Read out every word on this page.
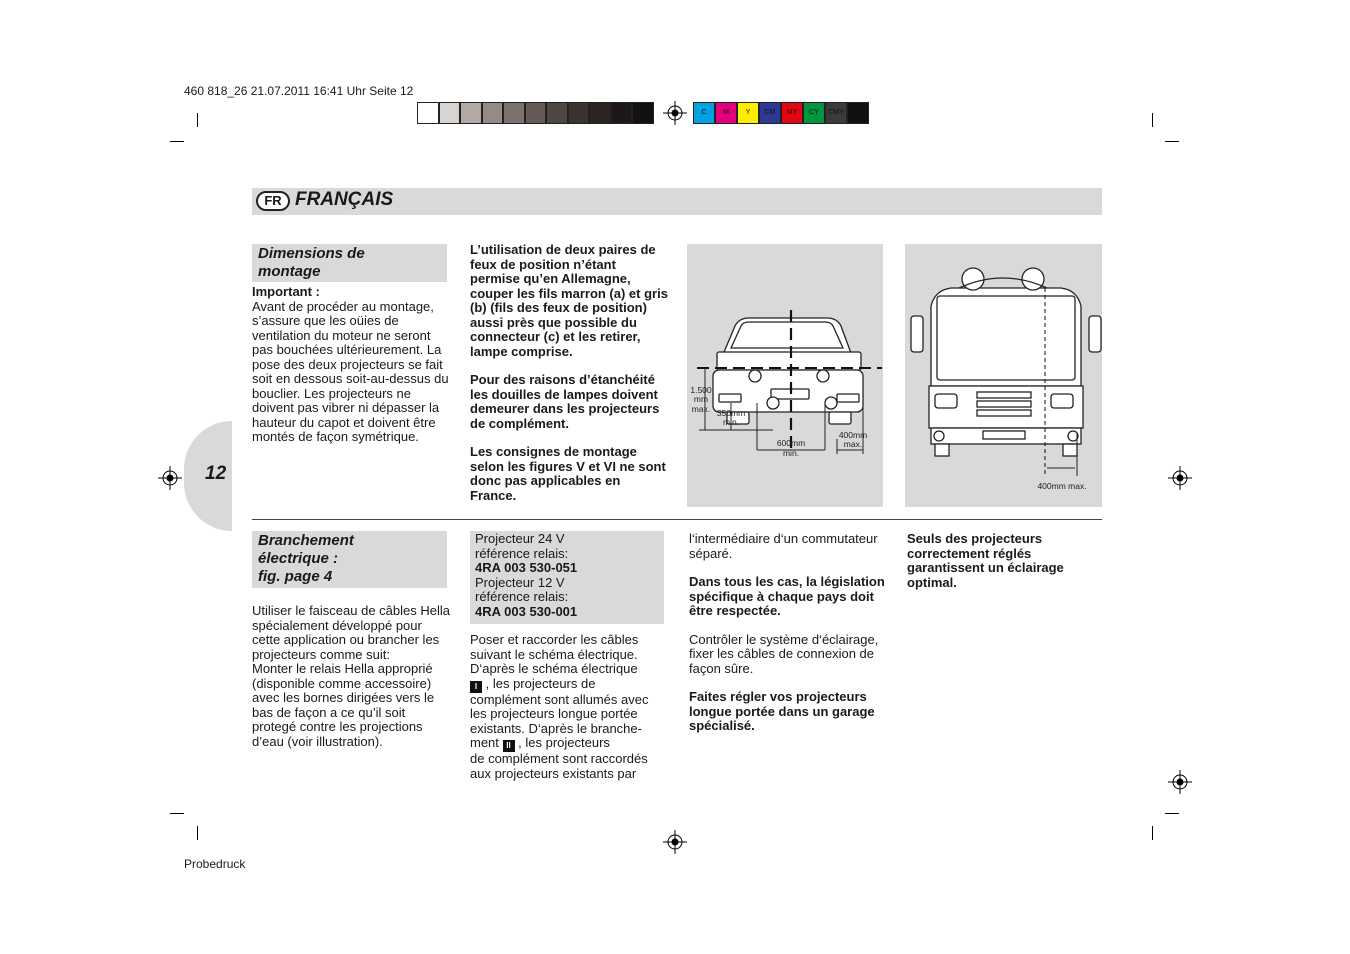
460 818_26 21.07.2011 16:41 Uhr Seite 12
C	M	Y	CM	MY	CY	CMY	K
FR FRANÇAIS
12
Dimensions de
montage
Important :
Avant de procéder au montage, s’assure que les oüies de ventilation du moteur ne seront pas bouchées ultérieurement. La pose des deux projecteurs se fait soit en dessous soit-au-dessus du bouclier. Les projecteurs ne doivent pas vibrer ni dépasser la hauteur du capot et doivent être montés de façon symétrique.
L’utilisation de deux paires de feux de position n’étant permise qu’en Allemagne, couper les fils marron (a) et gris (b) (fils des feux de position) aussi près que possible du connecteur (c) et les retirer, lampe comprise.
Pour des raisons d’étanchéité les douilles de lampes doivent demeurer dans les projecteurs de complément.
Les consignes de montage selon les figures V et VI ne sont donc pas applicables en France.
1.500
mm
max. 350mm
min.
600mm
min.
400mm
max.
400mm max.
Branchement
électrique :
fig. page 4
Utiliser le faisceau de câbles Hella spécialement développé pour cette application ou brancher les projecteurs comme suit:
Monter le relais Hella approprié (disponible comme accessoire) avec les bornes dirigées vers le bas de façon a ce qu’il soit protegé contre les projections d’eau (voir illustration).
Projecteur 24 V
référence relais:
4RA 003 530-051
Projecteur 12 V
référence relais:
4RA 003 530-001
Poser et raccorder les câbles
suivant le schéma électrique.
D‘après le schéma électrique
I , les projecteurs de
complément sont allumés avec
les projecteurs longue portée
existants. D‘après le branche-
ment II , les projecteurs
de complément sont raccordés
aux projecteurs existants par
l‘intermédiaire d‘un commutateur séparé.
Dans tous les cas, la législation spécifique à chaque pays doit être respectée.
Contrôler le système d‘éclairage, fixer les câbles de connexion de façon sûre.
Faites régler vos projecteurs longue portée dans un garage spécialisé.
Seuls des projecteurs correctement réglés garantissent un éclairage optimal.
Probedruck
